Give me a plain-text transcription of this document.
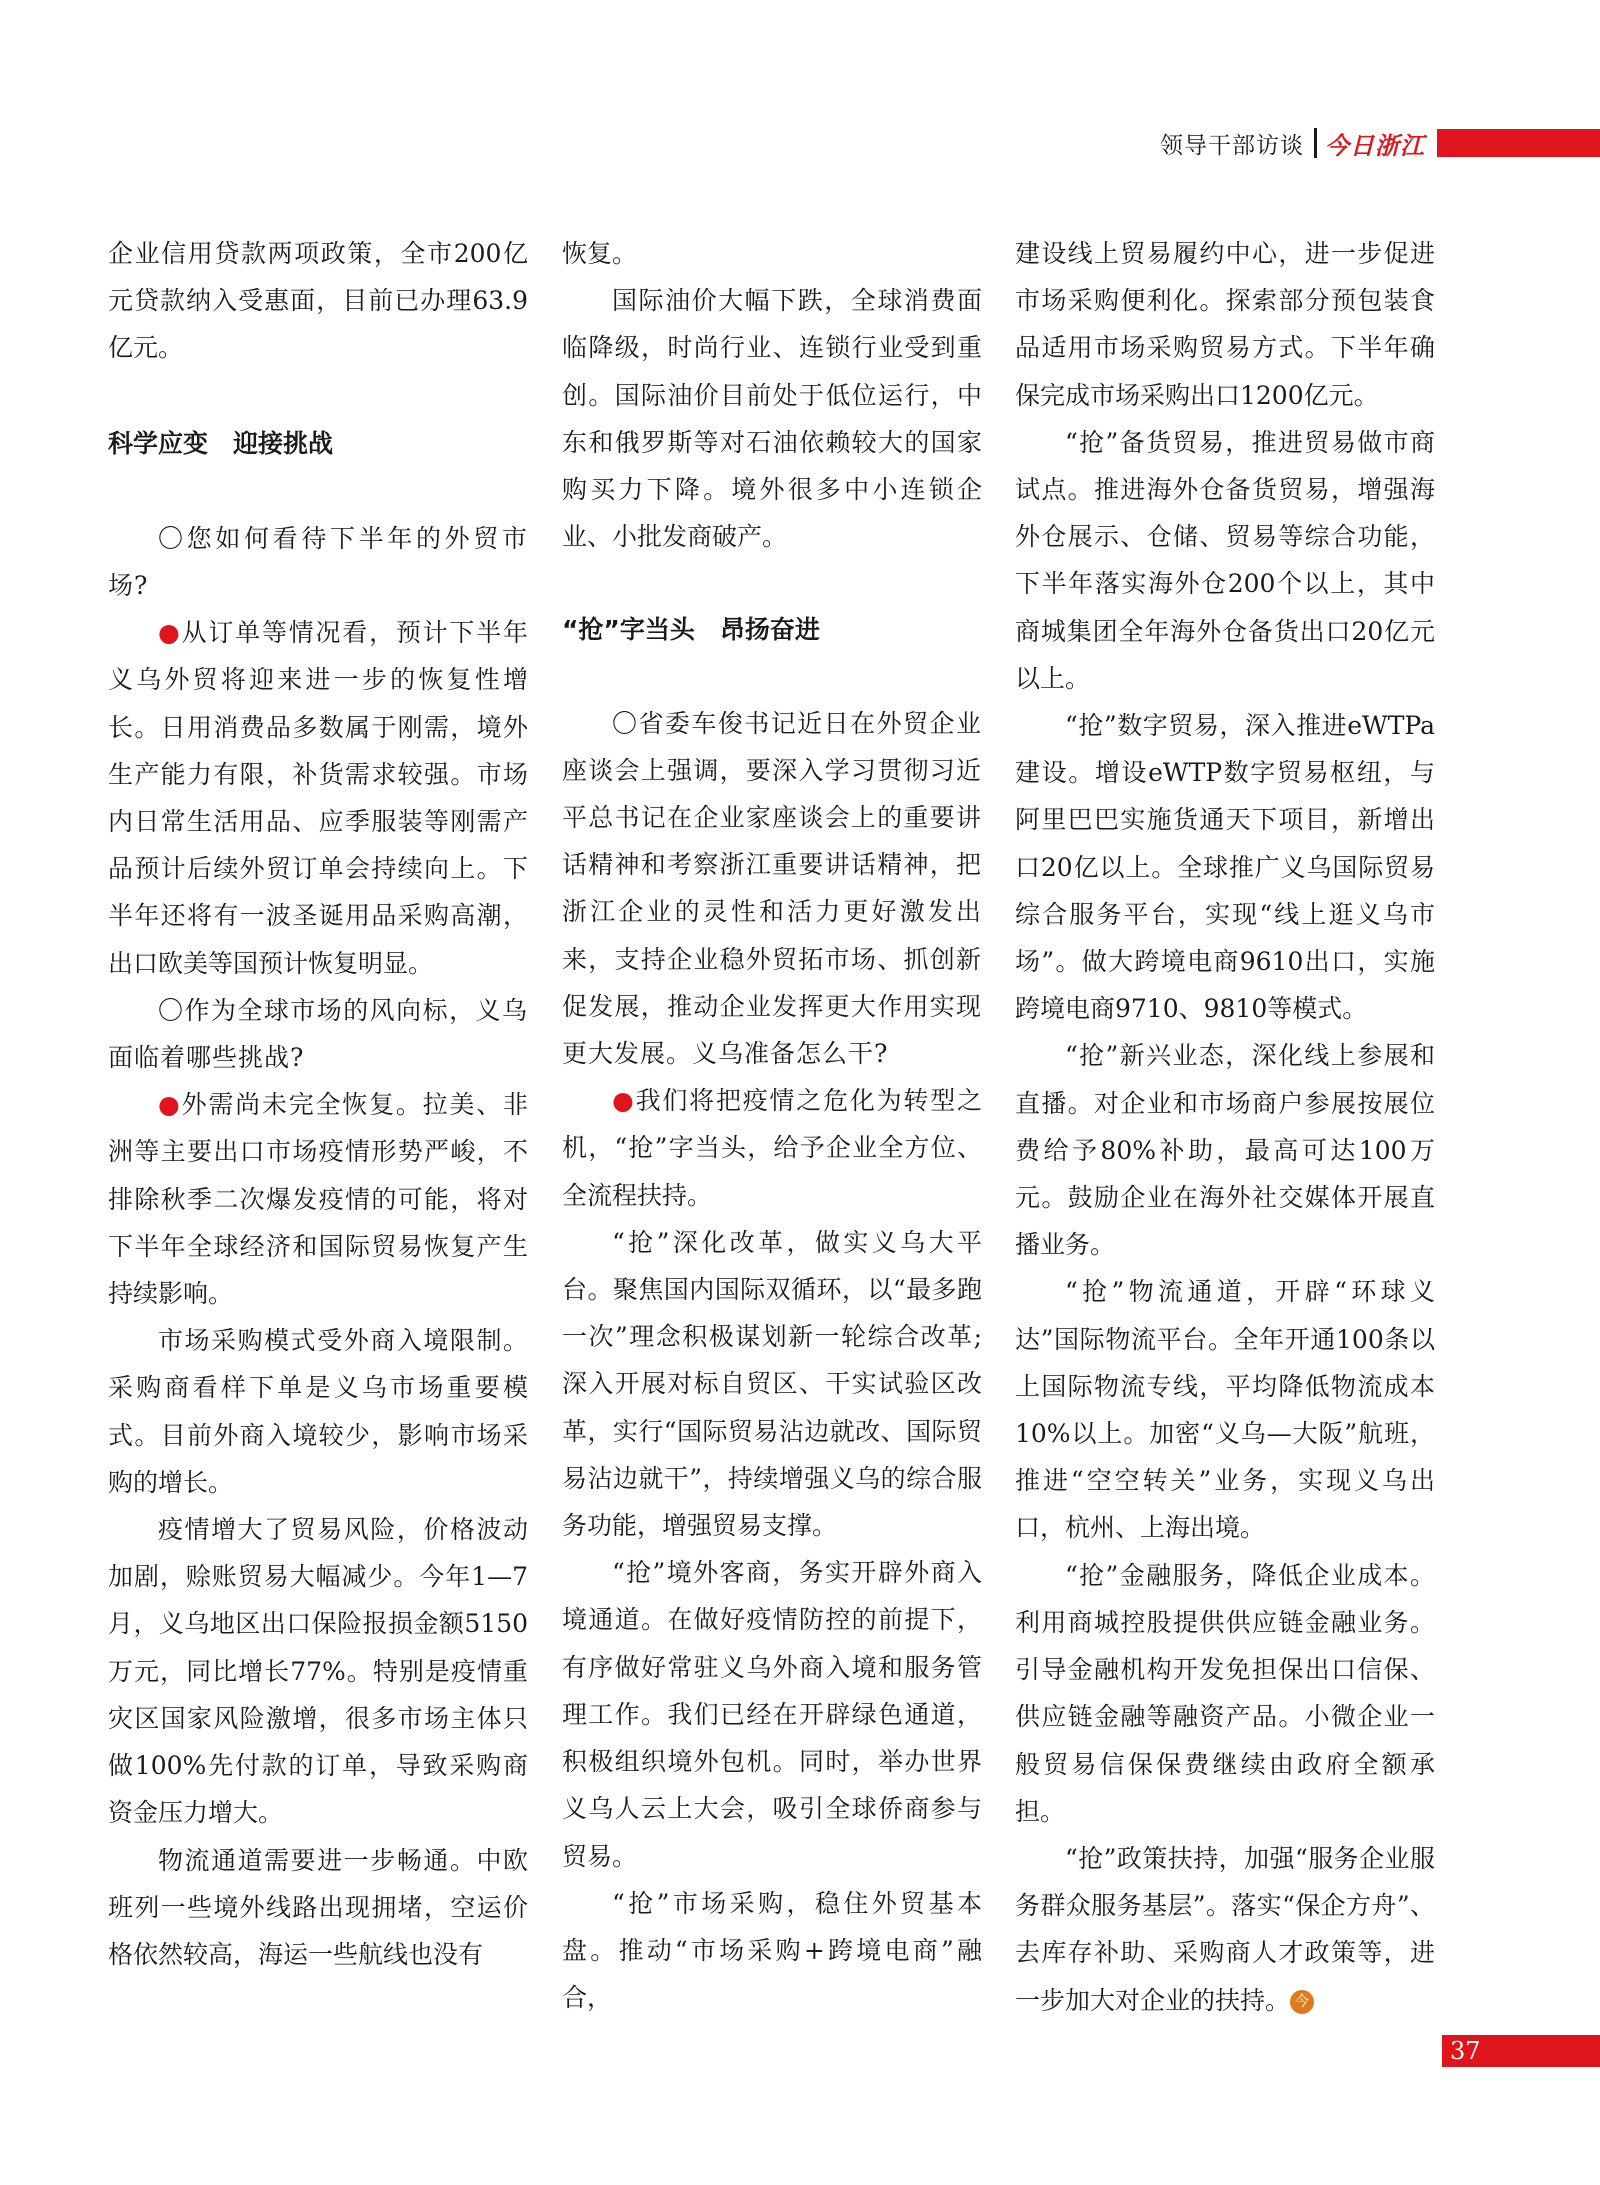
领导干部访谈 今日浙江

企业信用贷款两项政策，全市200亿元贷款纳入受惠面，目前已办理63.9亿元。

科学应变　迎接挑战

〇您如何看待下半年的外贸市场?

●从订单等情况看，预计下半年义乌外贸将迎来进一步的恢复性增长。日用消费品多数属于刚需，境外生产能力有限，补货需求较强。市场内日常生活用品、应季服装等刚需产品预计后续外贸订单会持续向上。下半年还将有一波圣诞用品采购高潮，出口欧美等国预计恢复明显。

〇作为全球市场的风向标，义乌面临着哪些挑战?

●外需尚未完全恢复。拉美、非洲等主要出口市场疫情形势严峻，不排除秋季二次爆发疫情的可能，将对下半年全球经济和国际贸易恢复产生持续影响。

市场采购模式受外商入境限制。采购商看样下单是义乌市场重要模式。目前外商入境较少，影响市场采购的增长。

疫情增大了贸易风险，价格波动加剧，赊账贸易大幅减少。今年1—7月，义乌地区出口保险报损金额5150万元，同比增长77%。特别是疫情重灾区国家风险激增，很多市场主体只做100%先付款的订单，导致采购商资金压力增大。

物流通道需要进一步畅通。中欧班列一些境外线路出现拥堵，空运价格依然较高，海运一些航线也没有

恢复。

国际油价大幅下跌，全球消费面临降级，时尚行业、连锁行业受到重创。国际油价目前处于低位运行，中东和俄罗斯等对石油依赖较大的国家购买力下降。境外很多中小连锁企业、小批发商破产。

“抢”字当头　昂扬奋进

〇省委车俊书记近日在外贸企业座谈会上强调，要深入学习贯彻习近平总书记在企业家座谈会上的重要讲话精神和考察浙江重要讲话精神，把浙江企业的灵性和活力更好激发出来，支持企业稳外贸拓市场、抓创新促发展，推动企业发挥更大作用实现更大发展。义乌准备怎么干?

●我们将把疫情之危化为转型之机，“抢”字当头，给予企业全方位、全流程扶持。

“抢”深化改革，做实义乌大平台。聚焦国内国际双循环，以“最多跑一次”理念积极谋划新一轮综合改革;深入开展对标自贸区、干实试验区改革，实行“国际贸易沾边就改、国际贸易沾边就干”，持续增强义乌的综合服务功能，增强贸易支撑。

“抢”境外客商，务实开辟外商入境通道。在做好疫情防控的前提下，有序做好常驻义乌外商入境和服务管理工作。我们已经在开辟绿色通道，积极组织境外包机。同时，举办世界义乌人云上大会，吸引全球侨商参与贸易。

“抢”市场采购，稳住外贸基本盘。推动“市场采购+跨境电商”融合，

建设线上贸易履约中心，进一步促进市场采购便利化。探索部分预包装食品适用市场采购贸易方式。下半年确保完成市场采购出口1200亿元。

“抢”备货贸易，推进贸易做市商试点。推进海外仓备货贸易，增强海外仓展示、仓储、贸易等综合功能，下半年落实海外仓200个以上，其中商城集团全年海外仓备货出口20亿元以上。

“抢”数字贸易，深入推进eWTPa建设。增设eWTP数字贸易枢纽，与阿里巴巴实施货通天下项目，新增出口20亿以上。全球推广义乌国际贸易综合服务平台，实现“线上逛义乌市场”。做大跨境电商9610出口，实施跨境电商9710、9810等模式。

“抢”新兴业态，深化线上参展和直播。对企业和市场商户参展按展位费给予80%补助，最高可达100万元。鼓励企业在海外社交媒体开展直播业务。

“抢”物流通道，开辟“环球义达”国际物流平台。全年开通100条以上国际物流专线，平均降低物流成本10%以上。加密“义乌—大阪”航班，推进“空空转关”业务，实现义乌出口，杭州、上海出境。

“抢”金融服务，降低企业成本。利用商城控股提供供应链金融业务。引导金融机构开发免担保出口信保、供应链金融等融资产品。小微企业一般贸易信保保费继续由政府全额承担。

“抢”政策扶持，加强“服务企业服务群众服务基层”。落实“保企方舟”、去库存补助、采购商人才政策等，进一步加大对企业的扶持。 今

37
